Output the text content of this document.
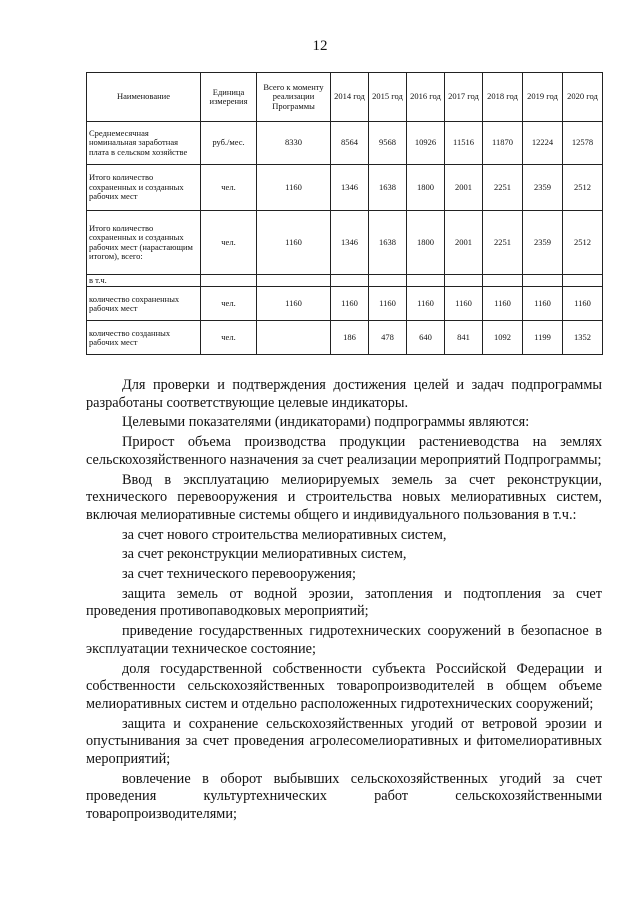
12
Наименование	Единица измерения	Всего к моменту реализации Программы	2014 год	2015 год	2016 год	2017 год	2018 год	2019 год	2020 год
Среднемесячная номинальная заработная плата в сельском хозяйстве	руб./мес.	8330	8564	9568	10926	11516	11870	12224	12578
Итого количество сохраненных и созданных рабочих мест	чел.	1160	1346	1638	1800	2001	2251	2359	2512
Итого количество сохраненных и созданных рабочих мест (нарастающим итогом), всего:	чел.	1160	1346	1638	1800	2001	2251	2359	2512
в т.ч.									
количество сохраненных рабочих мест	чел.	1160	1160	1160	1160	1160	1160	1160	1160
количество созданных рабочих мест	чел.		186	478	640	841	1092	1199	1352

Для проверки и подтверждения достижения целей и задач подпрограммы разработаны соответствующие целевые индикаторы.

Целевыми показателями (индикаторами) подпрограммы являются:

Прирост объема производства продукции растениеводства на землях сельскохозяйственного назначения за счет реализации мероприятий Подпрограммы;

Ввод в эксплуатацию мелиорируемых земель за счет реконструкции, технического перевооружения и строительства новых мелиоративных систем, включая мелиоративные системы общего и индивидуального пользования в т.ч.:

за счет нового строительства мелиоративных систем,

за счет реконструкции мелиоративных систем,

за счет технического перевооружения;

защита земель от водной эрозии, затопления и подтопления за счет проведения противопаводковых мероприятий;

приведение государственных гидротехнических сооружений в безопасное в эксплуатации техническое состояние;

доля государственной собственности субъекта Российской Федерации и собственности сельскохозяйственных товаропроизводителей в общем объеме мелиоративных систем и отдельно расположенных гидротехнических сооружений;

защита и сохранение сельскохозяйственных угодий от ветровой эрозии и опустынивания за счет проведения агролесомелиоративных и фитомелиоративных мероприятий;

вовлечение в оборот выбывших сельскохозяйственных угодий за счет проведения культуртехнических работ сельскохозяйственными товаропроизводителями;
